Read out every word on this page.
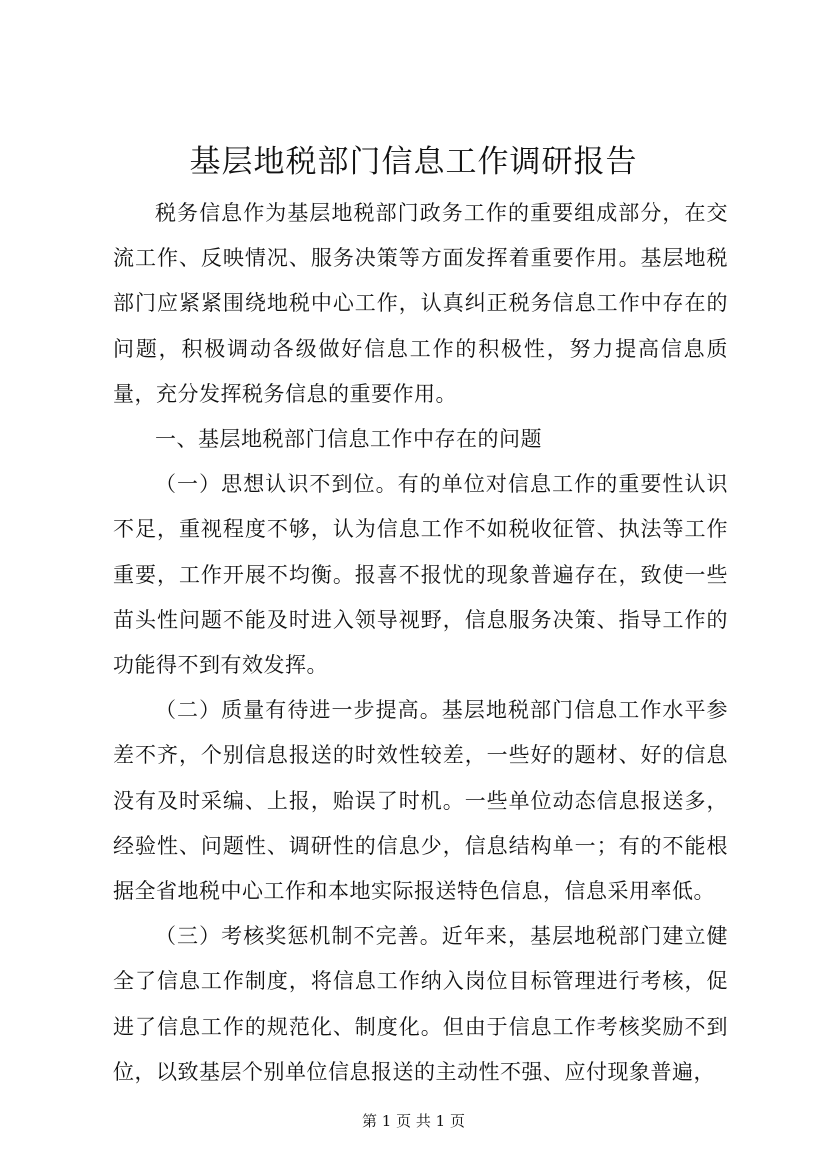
基层地税部门信息工作调研报告

税务信息作为基层地税部门政务工作的重要组成部分，在交流工作、反映情况、服务决策等方面发挥着重要作用。基层地税部门应紧紧围绕地税中心工作，认真纠正税务信息工作中存在的问题，积极调动各级做好信息工作的积极性，努力提高信息质量，充分发挥税务信息的重要作用。

一、基层地税部门信息工作中存在的问题

（一）思想认识不到位。有的单位对信息工作的重要性认识不足，重视程度不够，认为信息工作不如税收征管、执法等工作重要，工作开展不均衡。报喜不报忧的现象普遍存在，致使一些苗头性问题不能及时进入领导视野，信息服务决策、指导工作的功能得不到有效发挥。

（二）质量有待进一步提高。基层地税部门信息工作水平参差不齐，个别信息报送的时效性较差，一些好的题材、好的信息没有及时采编、上报，贻误了时机。一些单位动态信息报送多，经验性、问题性、调研性的信息少，信息结构单一；有的不能根据全省地税中心工作和本地实际报送特色信息，信息采用率低。

（三）考核奖惩机制不完善。近年来，基层地税部门建立健全了信息工作制度，将信息工作纳入岗位目标管理进行考核，促进了信息工作的规范化、制度化。但由于信息工作考核奖励不到位，以致基层个别单位信息报送的主动性不强、应付现象普遍，

第 1 页 共 1 页
